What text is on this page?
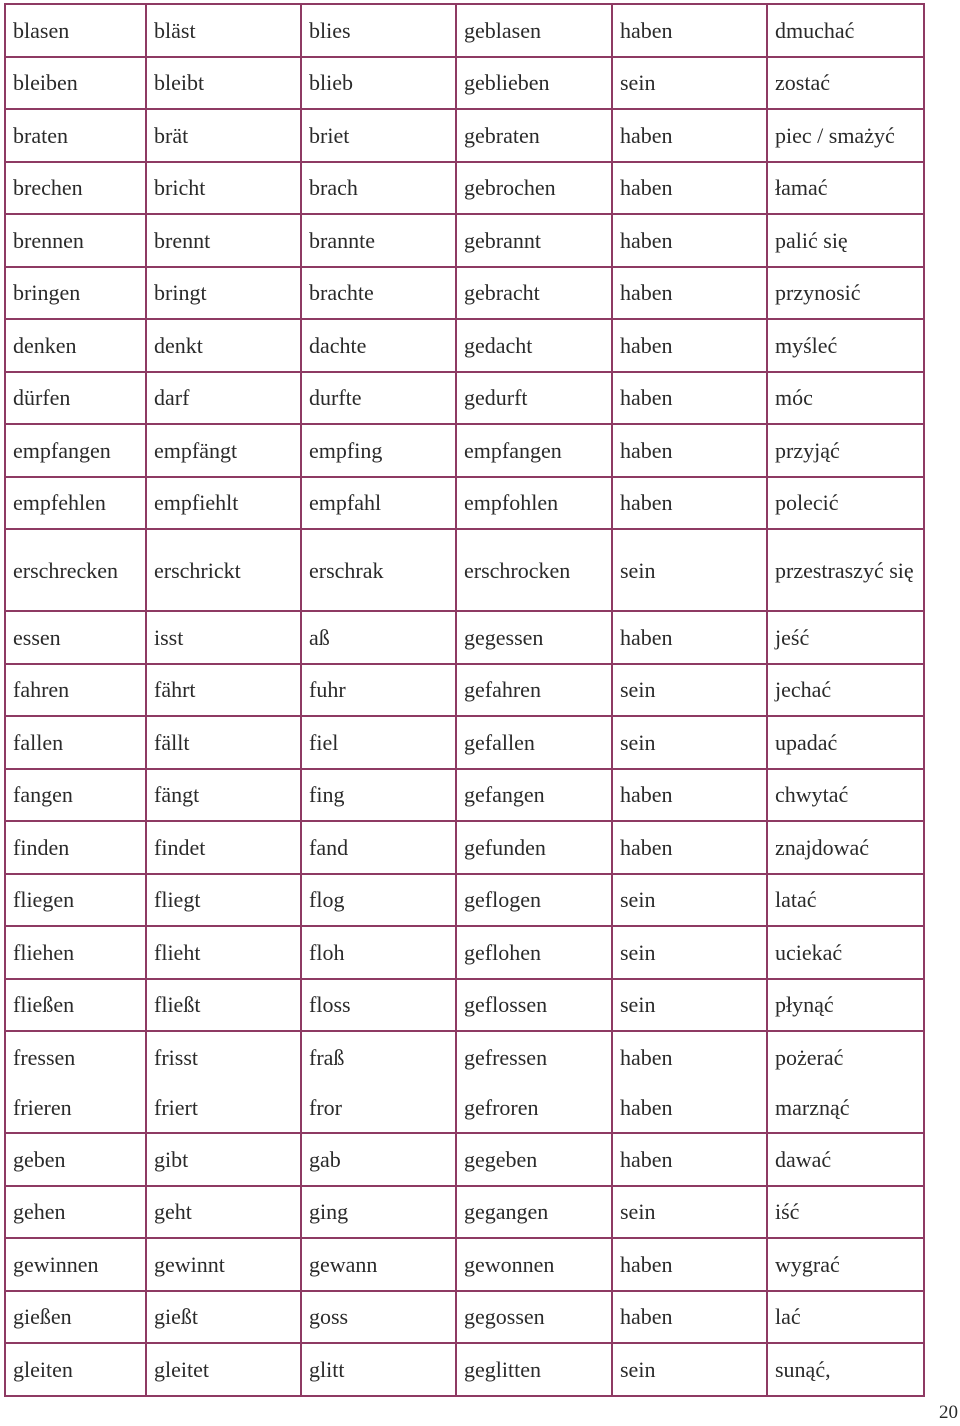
blasen	bläst	blies	geblasen	haben	dmuchać
bleiben	bleibt	blieb	geblieben	sein	zostać
braten	brät	briet	gebraten	haben	piec / smażyć
brechen	bricht	brach	gebrochen	haben	łamać
brennen	brennt	brannte	gebrannt	haben	palić się
bringen	bringt	brachte	gebracht	haben	przynosić
denken	denkt	dachte	gedacht	haben	myśleć
dürfen	darf	durfte	gedurft	haben	móc
empfangen	empfängt	empfing	empfangen	haben	przyjąć
empfehlen	empfiehlt	empfahl	empfohlen	haben	polecić
erschrecken	erschrickt	erschrak	erschrocken	sein	przestraszyć się
essen	isst	aß	gegessen	haben	jeść
fahren	fährt	fuhr	gefahren	sein	jechać
fallen	fällt	fiel	gefallen	sein	upadać
fangen	fängt	fing	gefangen	haben	chwytać
finden	findet	fand	gefunden	haben	znajdować
fliegen	fliegt	flog	geflogen	sein	latać
fliehen	flieht	floh	geflohen	sein	uciekać
fließen	fließt	floss	geflossen	sein	płynąć
fressen	frisst	fraß	gefressen	haben	pożerać
frieren	friert	fror	gefroren	haben	marznąć
geben	gibt	gab	gegeben	haben	dawać
gehen	geht	ging	gegangen	sein	iść
gewinnen	gewinnt	gewann	gewonnen	haben	wygrać
gießen	gießt	goss	gegossen	haben	lać
gleiten	gleitet	glitt	geglitten	sein	sunąć,
20
